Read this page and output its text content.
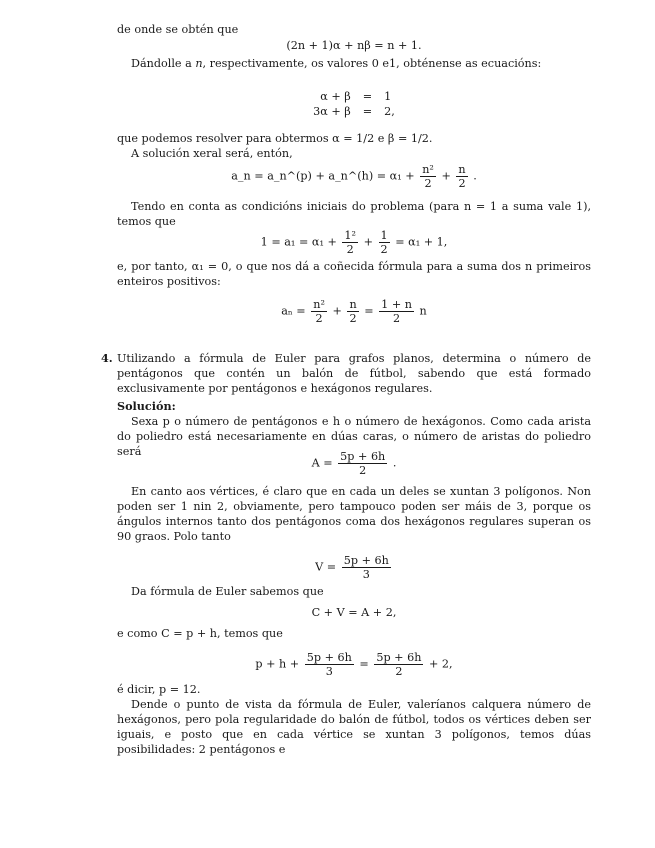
de onde se obtén que

(2n + 1)α + nβ = n + 1.

Dándolle a n, respectivamente, os valores 0 e1, obténense as ecuacións:

α + β	=	1
3α + β	=	2,

que podemos resolver para obtermos α = 1/2 e β = 1/2.

A solución xeral será, entón,

a_n = a_n^(p) + a_n^(h) = $\alpha_1 + \frac{\text{n²}}{2} + \frac{n}{2}$ .

Tendo en conta as condicións iniciais do problema (para n = 1 a suma vale 1), temos que

$1 = a_1 = \alpha_1 + \frac{\text{1²}}{2} + \frac{1}{2} = \alpha_1 + 1$,

e, por tanto, α₁ = 0, o que nos dá a coñecida fórmula para a suma dos n primeiros enteiros positivos:

$a_n = \frac{\text{n²}}{2} + \frac{n}{2} = \frac{1 + n}{2}$ n
4. Utilizando a fórmula de Euler para grafos planos, determina o número de pentágonos que contén un balón de fútbol, sabendo que está formado exclusivamente por pentágonos e hexágonos regulares.

Solución:

Sexa p o número de pentágonos e h o número de hexágonos. Como cada arista do poliedro está necesariamente en dúas caras, o número de aristas do poliedro será

$A = \frac{5p + 6h}{2}$ .

En canto aos vértices, é claro que en cada un deles se xuntan 3 polígonos. Non poden ser 1 nin 2, obviamente, pero tampouco poden ser máis de 3, porque os ángulos internos tanto dos pentágonos coma dos hexágonos regulares superan os 90 graos. Polo tanto

$V = \frac{5p + 6h}{3}$

Da fórmula de Euler sabemos que

C + V = A + 2,

e como C = p + h, temos que

$p + h + \frac{5p + 6h}{3} = \frac{5p + 6h}{2} + 2$,

é dicir, p = 12.

Dende o punto de vista da fórmula de Euler, valeríanos calquera número de hexágonos, pero pola regularidade do balón de fútbol, todos os vértices deben ser iguais, e posto que en cada vértice se xuntan 3 polígonos, temos dúas posibilidades: 2 pentágonos e
